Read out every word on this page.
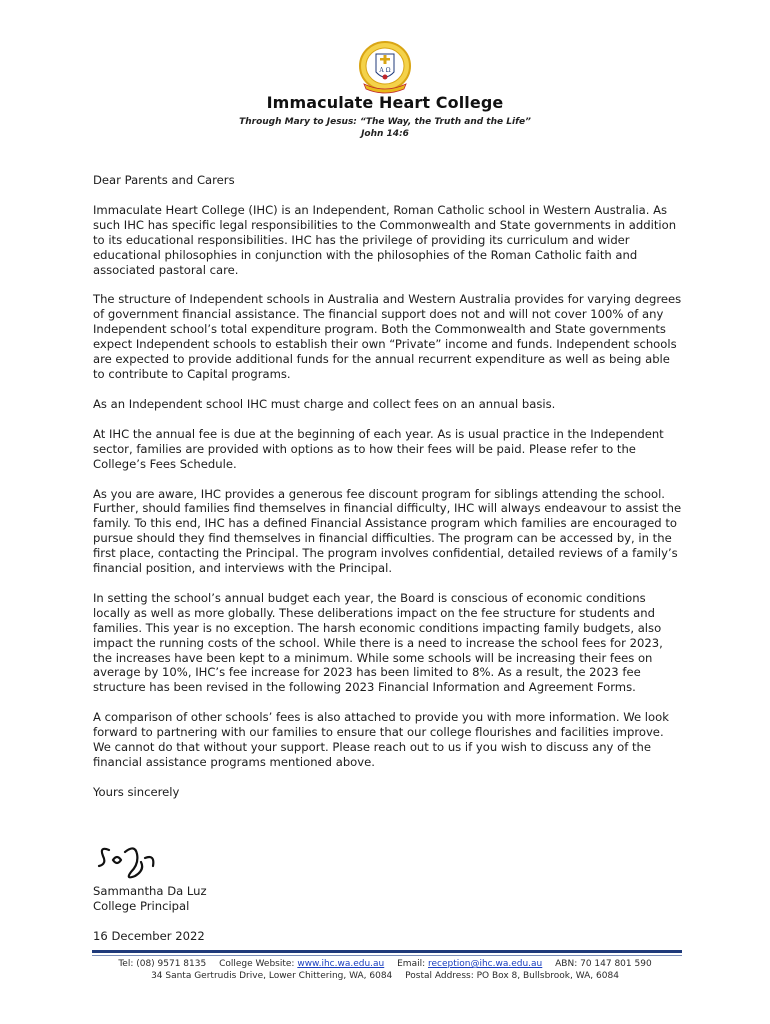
A Ω
Immaculate Heart College
Through Mary to Jesus: “The Way, the Truth and the Life”
John 14:6

Dear Parents and Carers

Immaculate Heart College (IHC) is an Independent, Roman Catholic school in Western Australia. As such IHC has specific legal responsibilities to the Commonwealth and State governments in addition to its educational responsibilities. IHC has the privilege of providing its curriculum and wider educational philosophies in conjunction with the philosophies of the Roman Catholic faith and associated pastoral care.

The structure of Independent schools in Australia and Western Australia provides for varying degrees of government financial assistance. The financial support does not and will not cover 100% of any Independent school’s total expenditure program. Both the Commonwealth and State governments expect Independent schools to establish their own “Private” income and funds. Independent schools are expected to provide additional funds for the annual recurrent expenditure as well as being able to contribute to Capital programs.

As an Independent school IHC must charge and collect fees on an annual basis.

At IHC the annual fee is due at the beginning of each year. As is usual practice in the Independent sector, families are provided with options as to how their fees will be paid. Please refer to the College’s Fees Schedule.

As you are aware, IHC provides a generous fee discount program for siblings attending the school. Further, should families find themselves in financial difficulty, IHC will always endeavour to assist the family. To this end, IHC has a defined Financial Assistance program which families are encouraged to pursue should they find themselves in financial difficulties. The program can be accessed by, in the first place, contacting the Principal. The program involves confidential, detailed reviews of a family’s financial position, and interviews with the Principal.

In setting the school’s annual budget each year, the Board is conscious of economic conditions locally as well as more globally. These deliberations impact on the fee structure for students and families. This year is no exception. The harsh economic conditions impacting family budgets, also impact the running costs of the school. While there is a need to increase the school fees for 2023, the increases have been kept to a minimum. While some schools will be increasing their fees on average by 10%, IHC’s fee increase for 2023 has been limited to 8%. As a result, the 2023 fee structure has been revised in the following 2023 Financial Information and Agreement Forms.

A comparison of other schools’ fees is also attached to provide you with more information. We look forward to partnering with our families to ensure that our college flourishes and facilities improve. We cannot do that without your support. Please reach out to us if you wish to discuss any of the financial assistance programs mentioned above.

Yours sincerely

Sammantha Da Luz
College Principal
16 December 2022
Tel: (08) 9571 8135 College Website: www.ihc.wa.edu.au Email: reception@ihc.wa.edu.au ABN: 70 147 801 590
34 Santa Gertrudis Drive, Lower Chittering, WA, 6084 Postal Address: PO Box 8, Bullsbrook, WA, 6084
